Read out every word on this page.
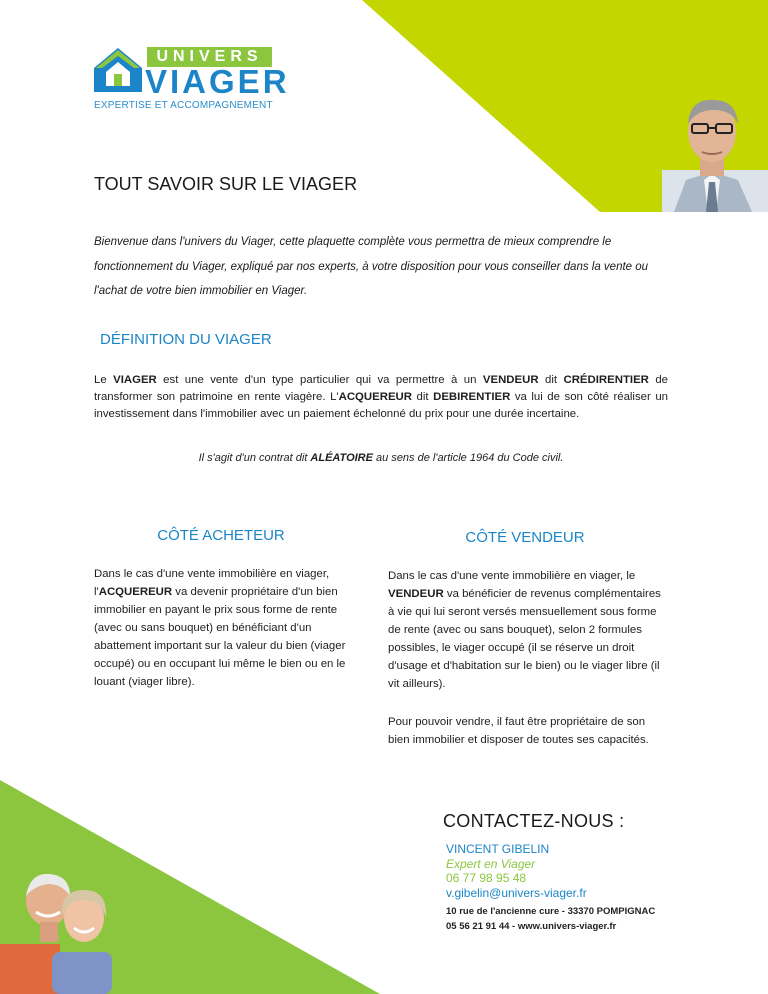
UNIVERS
VIAGER
EXPERTISE ET ACCOMPAGNEMENT
TOUT SAVOIR SUR LE VIAGER
Bienvenue dans l'univers du Viager, cette plaquette complète vous permettra de mieux comprendre le fonctionnement du Viager, expliqué par nos experts, à votre disposition pour vous conseiller dans la vente ou l'achat de votre bien immobilier en Viager.
DÉFINITION DU VIAGER
Le VIAGER est une vente d'un type particulier qui va permettre à un VENDEUR dit CRÉDIRENTIER de transformer son patrimoine en rente viagère. L'ACQUEREUR dit DEBIRENTIER va lui de son côté réaliser un investissement dans l'immobilier avec un paiement échelonné du prix pour une durée incertaine.
Il s'agit d'un contrat dit ALÉATOIRE au sens de l'article 1964 du Code civil.
CÔTÉ ACHETEUR	CÔTÉ VENDEUR
Dans le cas d'une vente immobilière en viager, l'ACQUEREUR va devenir propriétaire d'un bien immobilier en payant le prix sous forme de rente (avec ou sans bouquet) en bénéficiant d'un abattement important sur la valeur du bien (viager occupé) ou en occupant lui même le bien ou en le louant (viager libre).
Dans le cas d'une vente immobilière en viager, le VENDEUR va bénéficier de revenus complémentaires à vie qui lui seront versés mensuellement sous forme de rente (avec ou sans bouquet), selon 2 formules possibles, le viager occupé (il se réserve un droit d'usage et d'habitation sur le bien) ou le viager libre (il vit ailleurs).
Pour pouvoir vendre, il faut être propriétaire de son bien immobilier et disposer de toutes ses capacités.
CONTACTEZ-NOUS :
VINCENT GIBELIN
Expert en Viager
06 77 98 95 48
v.gibelin@univers-viager.fr
10 rue de l'ancienne cure - 33370 POMPIGNAC
05 56 21 91 44 - www.univers-viager.fr
